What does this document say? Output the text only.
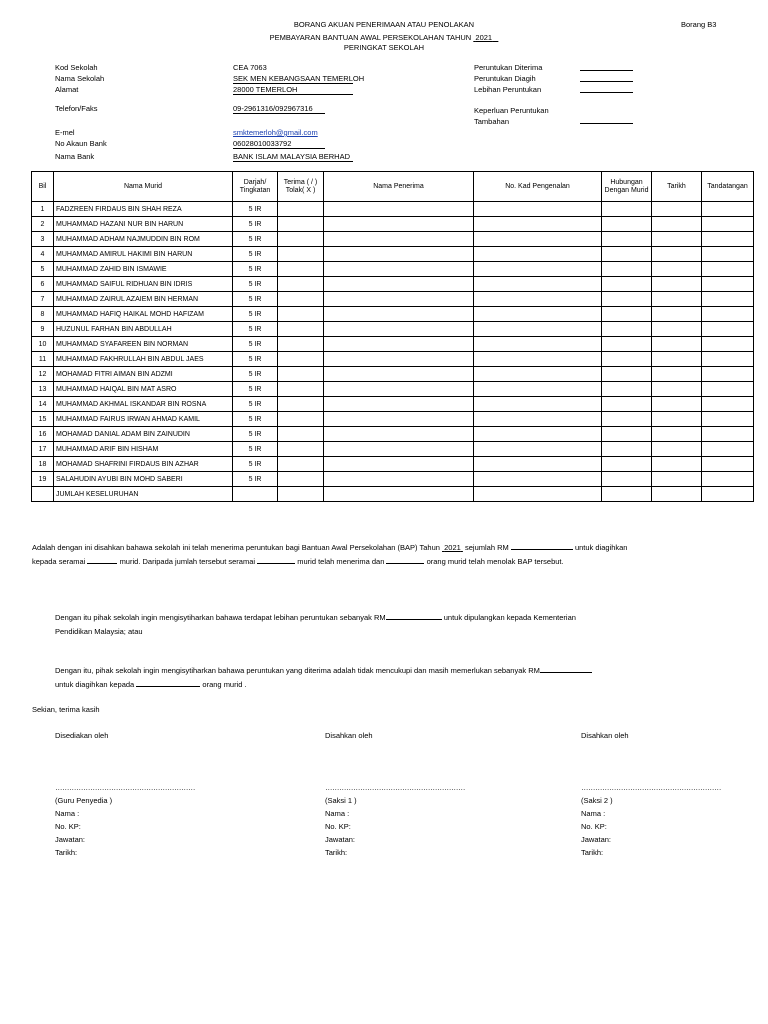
BORANG AKUAN PENERIMAAN ATAU PENOLAKAN
PEMBAYARAN BANTUAN AWAL PERSEKOLAHAN TAHUN 2021
PERINGKAT SEKOLAH
Borang B3
Kod Sekolah	CEA 7063
Nama Sekolah	SEK MEN KEBANGSAAN TEMERLOH
Alamat	28000 TEMERLOH
Telefon/Faks	09-2961316/092967316
E-mel	smktemerloh@gmail.com
No Akaun Bank	06028010033792
Nama Bank	BANK ISLAM MALAYSIA BERHAD
Peruntukan Diterima
Peruntukan Diagih
Lebihan Peruntukan
Keperluan Peruntukan
Tambahan
Bil	Nama Murid	Darjah/ Tingkatan	Terima ( / ) Tolak( X )	Nama Penerima	No. Kad Pengenalan	Hubungan Dengan Murid	Tarikh	Tandatangan
1	FADZREEN FIRDAUS BIN SHAH REZA	5 IR						
2	MUHAMMAD HAZANI NUR BIN HARUN	5 IR						
3	MUHAMMAD ADHAM NAJMUDDIN BIN ROM	5 IR						
4	MUHAMMAD AMIRUL HAKIMI BIN HARUN	5 IR						
5	MUHAMMAD ZAHID BIN ISMAWIE	5 IR						
6	MUHAMMAD SAIFUL RIDHUAN BIN IDRIS	5 IR						
7	MUHAMMAD ZAIRUL AZAIEM BIN HERMAN	5 IR						
8	MUHAMMAD HAFIQ HAIKAL MOHD HAFIZAM	5 IR						
9	HUZUNUL FARHAN BIN ABDULLAH	5 IR						
10	MUHAMMAD SYAFAREEN BIN NORMAN	5 IR						
11	MUHAMMAD FAKHRULLAH BIN ABDUL JAES	5 IR						
12	MOHAMAD FITRI AIMAN BIN ADZMI	5 IR						
13	MUHAMMAD HAIQAL BIN MAT ASRO	5 IR						
14	MUHAMMAD AKHMAL ISKANDAR BIN ROSNA	5 IR						
15	MUHAMMAD FAIRUS IRWAN AHMAD KAMIL	5 IR						
16	MOHAMAD DANIAL ADAM BIN ZAINUDIN	5 IR						
17	MUHAMMAD ARIF BIN HISHAM	5 IR						
18	MOHAMAD SHAFRINI FIRDAUS BIN AZHAR	5 IR						
19	SALAHUDIN AYUBI BIN MOHD SABERI	5 IR						
	JUMLAH KESELURUHAN							
Adalah dengan ini disahkan bahawa sekolah ini telah menerima peruntukan bagi Bantuan Awal Persekolahan (BAP) Tahun 2021 sejumlah RM	untuk diagihkan
kepada seramai	murid. Daripada jumlah tersebut seramai	murid telah menerima dan	orang murid telah menolak BAP tersebut.
Dengan itu pihak sekolah ingin mengisytiharkan bahawa terdapat lebihan peruntukan sebanyak RM	untuk dipulangkan kepada Kementerian
Pendidikan Malaysia; atau
Dengan itu, pihak sekolah ingin mengisytiharkan bahawa peruntukan yang diterima adalah tidak mencukupi dan masih memerlukan sebanyak RM
untuk diagihkan kepada	orang murid .
Sekian, terima kasih
Disediakan oleh
……………………………………………………
(Guru Penyedia )
Nama :
No. KP:
Jawatan:
Tarikh:
Disahkan oleh
……………………………………………………
(Saksi 1 )
Nama :
No. KP:
Jawatan:
Tarikh:
Disahkan oleh
……………………………………………………
(Saksi 2 )
Nama :
No. KP:
Jawatan:
Tarikh:
